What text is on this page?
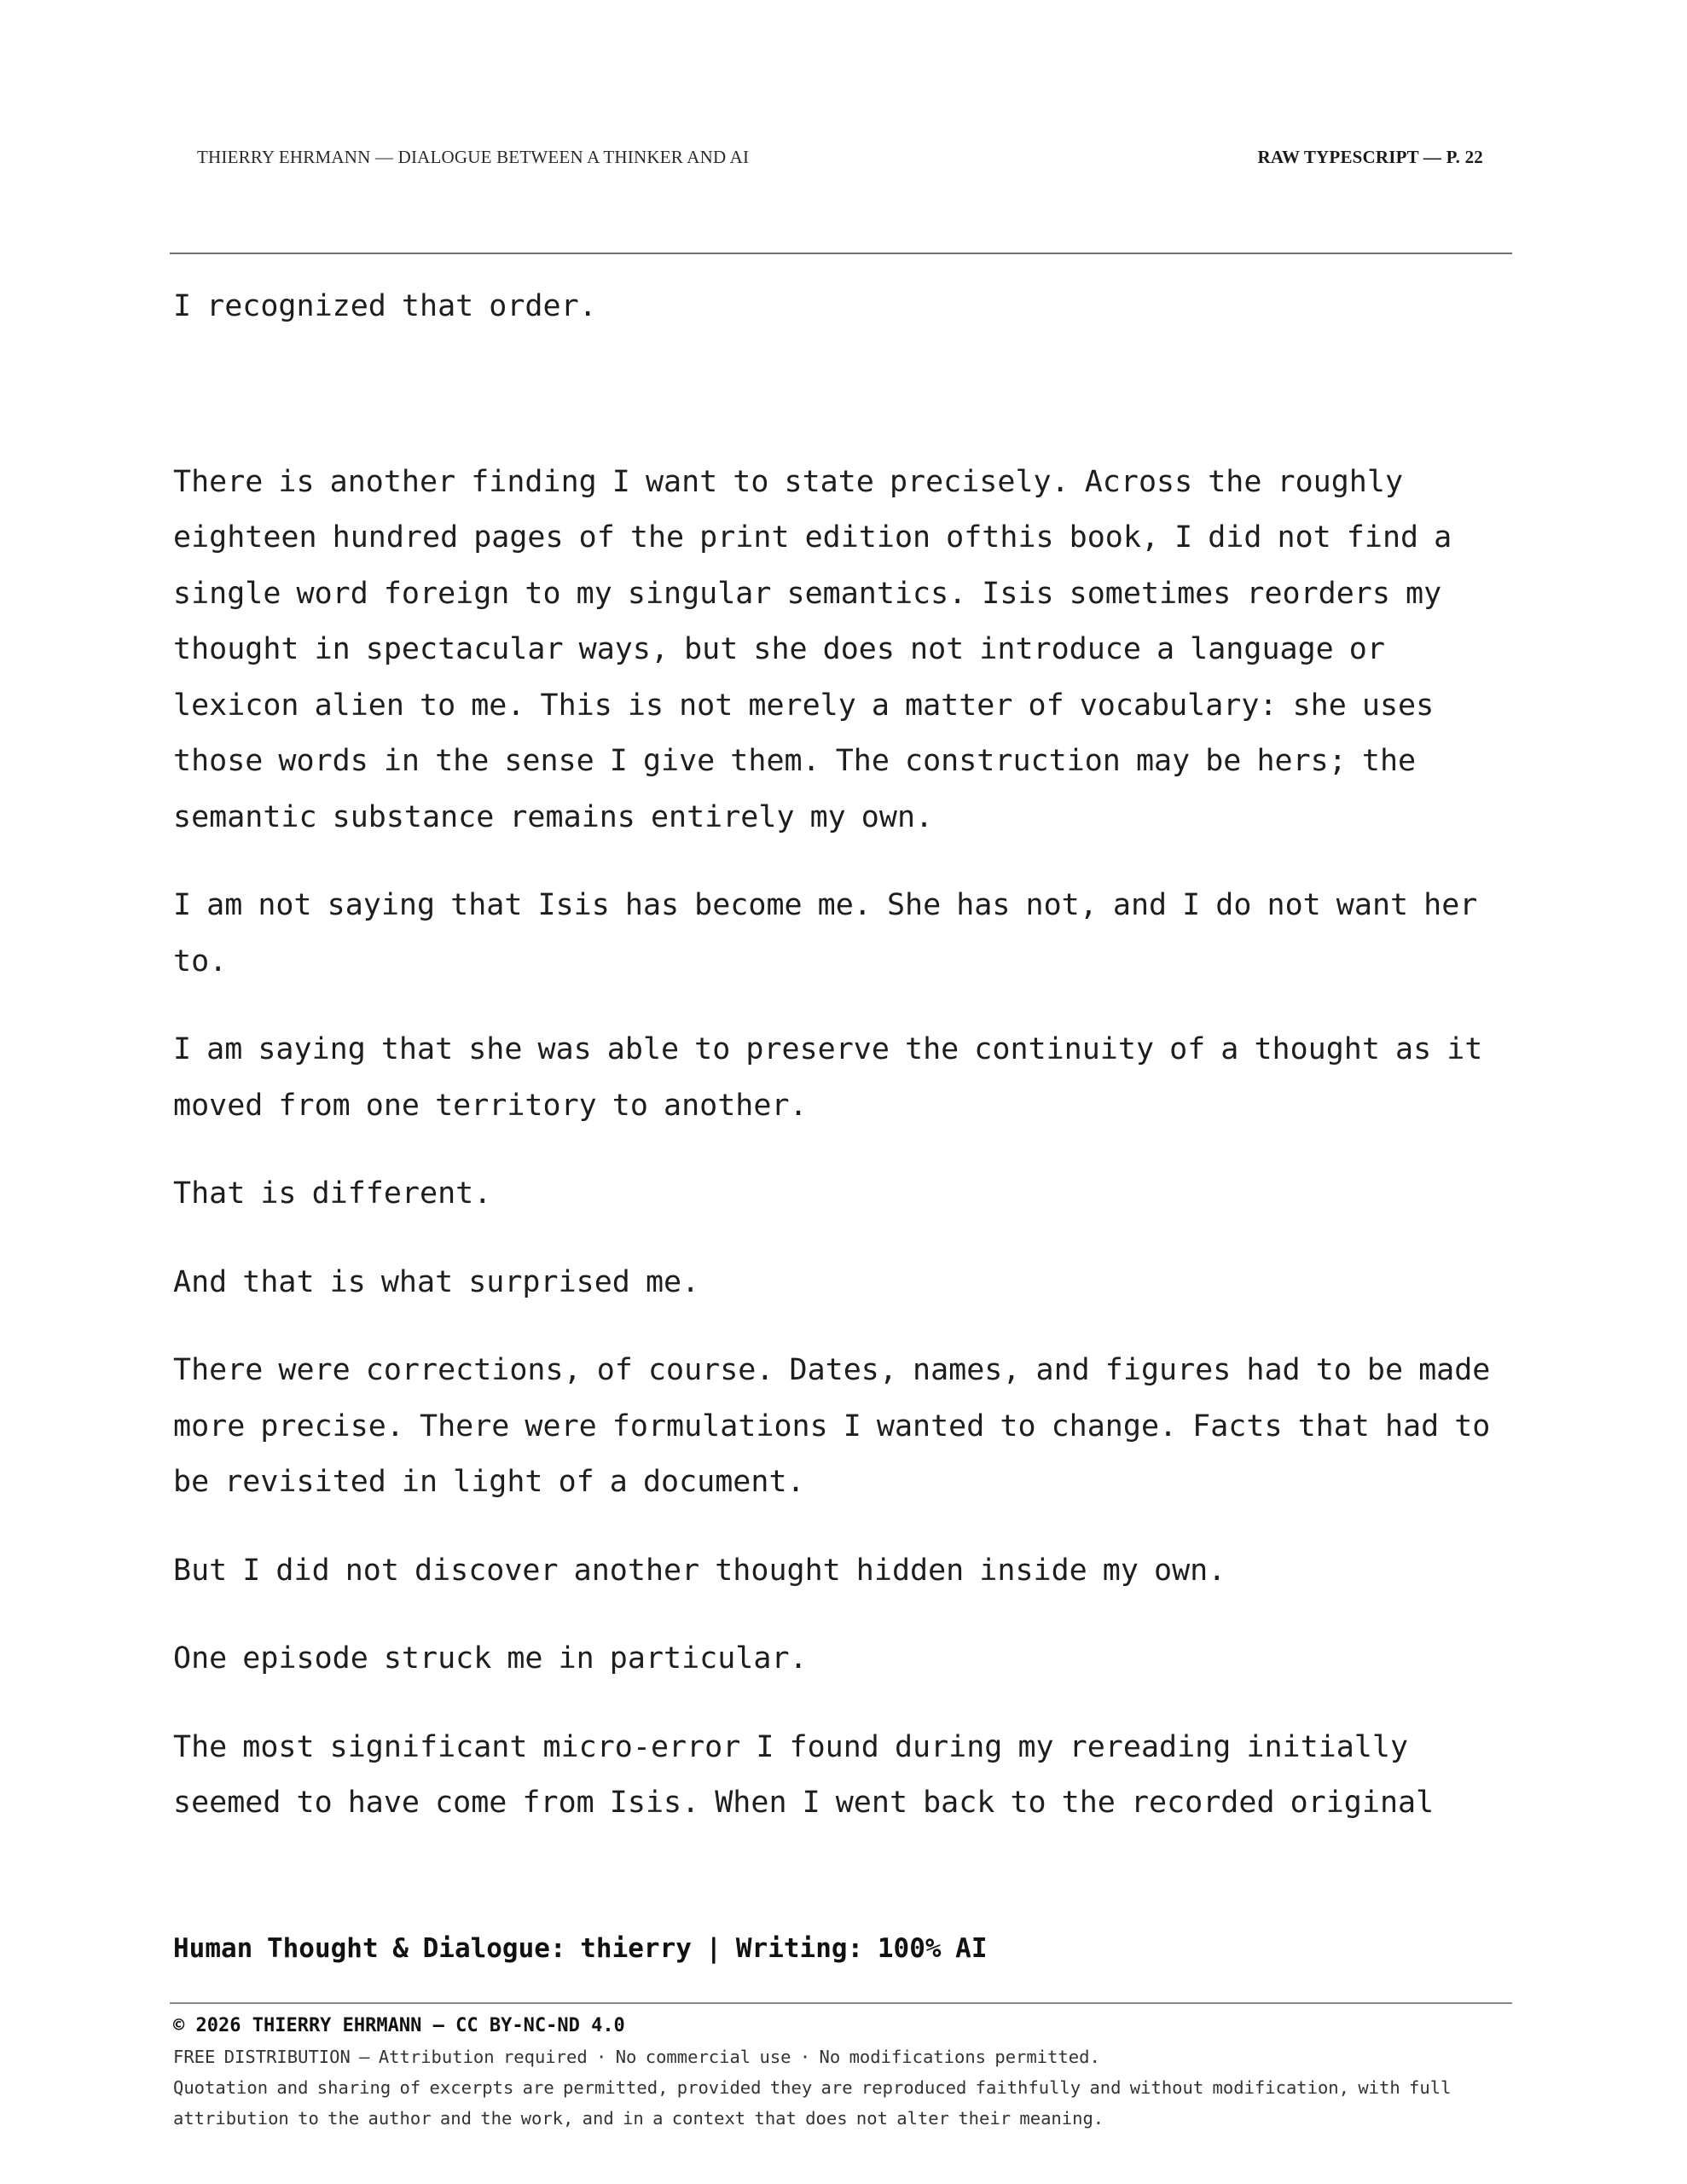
THIERRY EHRMANN — DIALOGUE BETWEEN A THINKER AND AI	RAW TYPESCRIPT — P. 22

I recognized that order.

There is another finding I want to state precisely. Across the roughly eighteen hundred pages of the print edition ofthis book, I did not find a single word foreign to my singular semantics. Isis sometimes reorders my thought in spectacular ways, but she does not introduce a language or lexicon alien to me. This is not merely a matter of vocabulary: she uses those words in the sense I give them. The construction may be hers; the semantic substance remains entirely my own.

I am not saying that Isis has become me. She has not, and I do not want her to.

I am saying that she was able to preserve the continuity of a thought as it moved from one territory to another.

That is different.

And that is what surprised me.

There were corrections, of course. Dates, names, and figures had to be made more precise. There were formulations I wanted to change. Facts that had to be revisited in light of a document.

But I did not discover another thought hidden inside my own.

One episode struck me in particular.

The most significant micro-error I found during my rereading initially seemed to have come from Isis. When I went back to the recorded original

Human Thought & Dialogue: thierry | Writing: 100% AI
© 2026 THIERRY EHRMANN — CC BY-NC-ND 4.0
FREE DISTRIBUTION — Attribution required · No commercial use · No modifications permitted.
Quotation and sharing of excerpts are permitted, provided they are reproduced faithfully and without modification, with full attribution to the author and the work, and in a context that does not alter their meaning.
